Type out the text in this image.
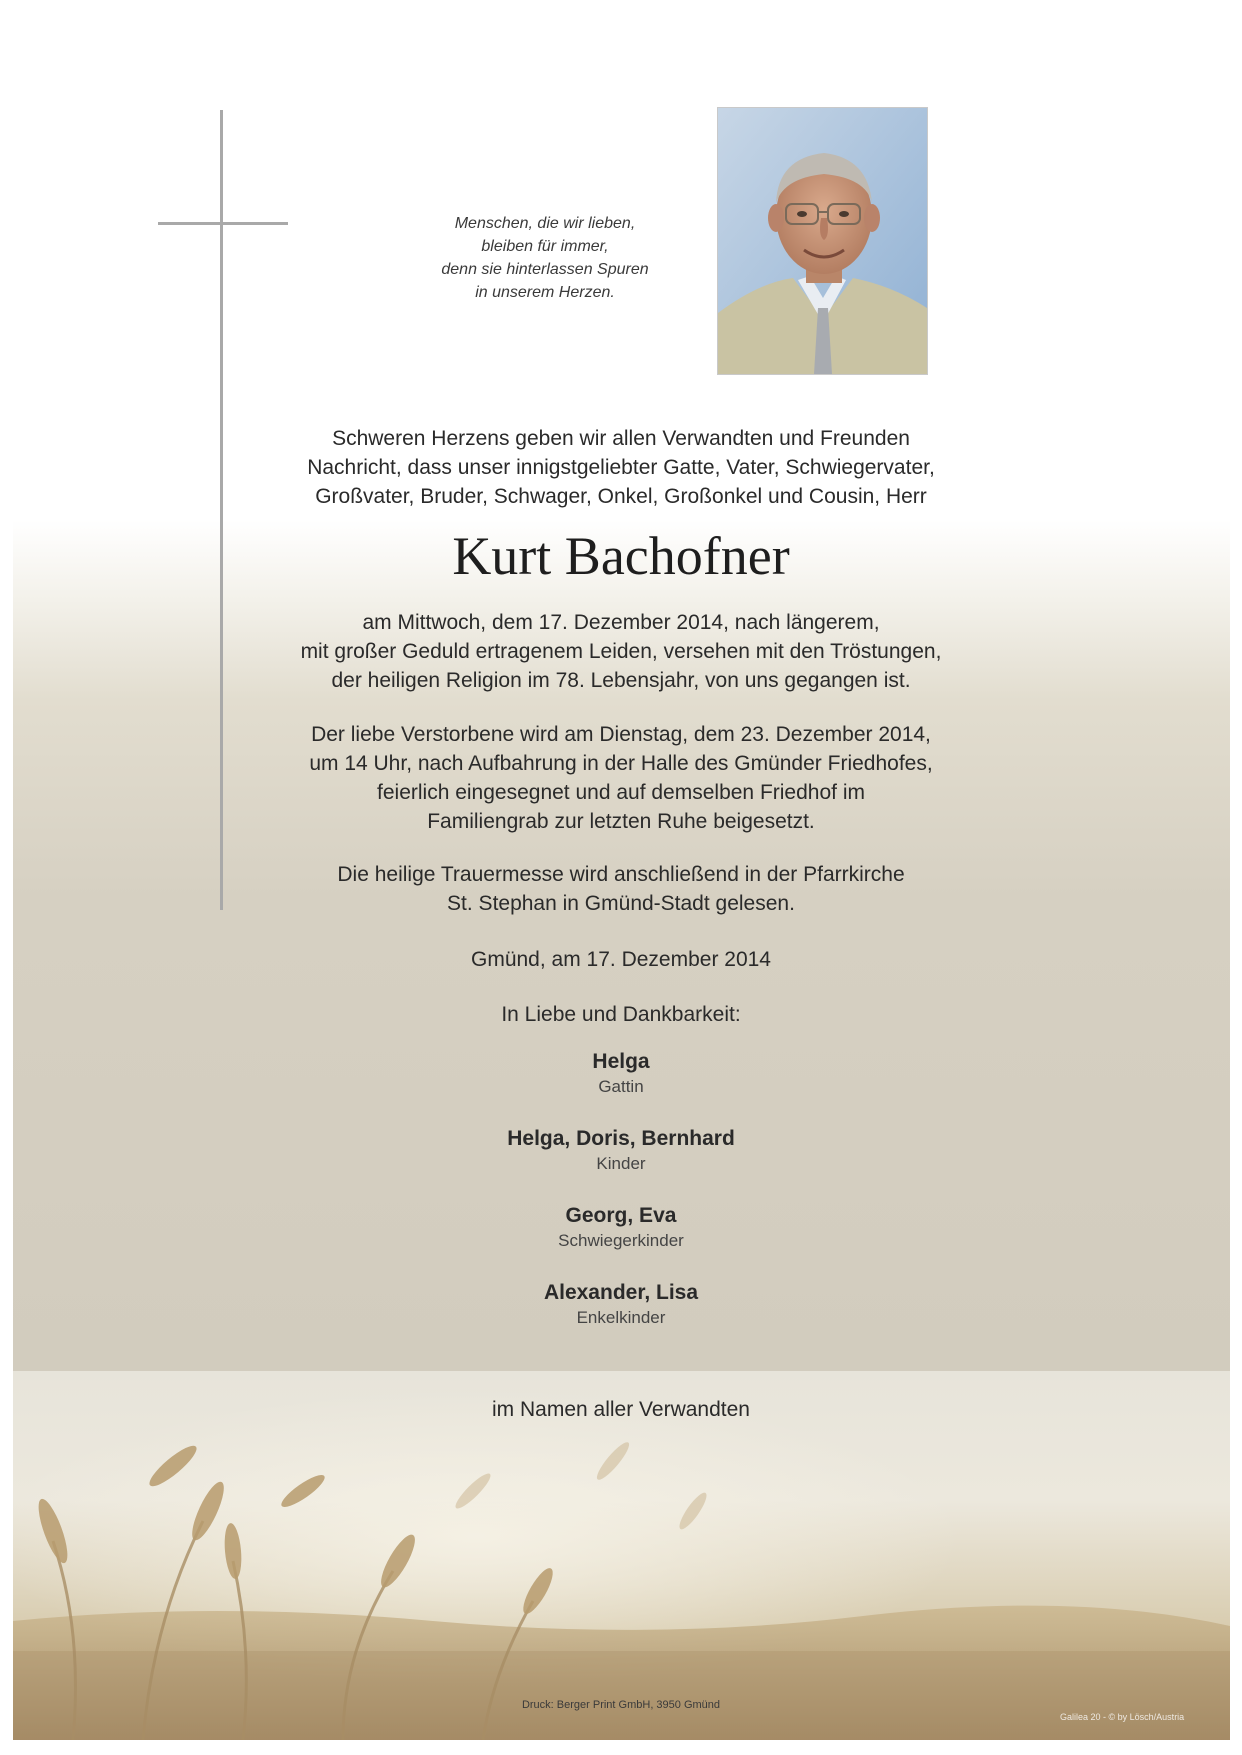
Menschen, die wir lieben,
bleiben für immer,
denn sie hinterlassen Spuren
in unserem Herzen.
Schweren Herzens geben wir allen Verwandten und Freunden
Nachricht, dass unser innigstgeliebter Gatte, Vater, Schwiegervater,
Großvater, Bruder, Schwager, Onkel, Großonkel und Cousin, Herr
Kurt Bachofner
am Mittwoch, dem 17. Dezember 2014, nach längerem,
mit großer Geduld ertragenem Leiden, versehen mit den Tröstungen,
der heiligen Religion im 78. Lebensjahr, von uns gegangen ist.
Der liebe Verstorbene wird am Dienstag, dem 23. Dezember 2014,
um 14 Uhr, nach Aufbahrung in der Halle des Gmünder Friedhofes,
feierlich eingesegnet und auf demselben Friedhof im
Familiengrab zur letzten Ruhe beigesetzt.
Die heilige Trauermesse wird anschließend in der Pfarrkirche
St. Stephan in Gmünd-Stadt gelesen.
Gmünd, am 17. Dezember 2014
In Liebe und Dankbarkeit:
Helga
Gattin
Helga, Doris, Bernhard
Kinder
Georg, Eva
Schwiegerkinder
Alexander, Lisa
Enkelkinder
im Namen aller Verwandten
Druck: Berger Print GmbH, 3950 Gmünd
Galilea 20 - © by Lösch/Austria
